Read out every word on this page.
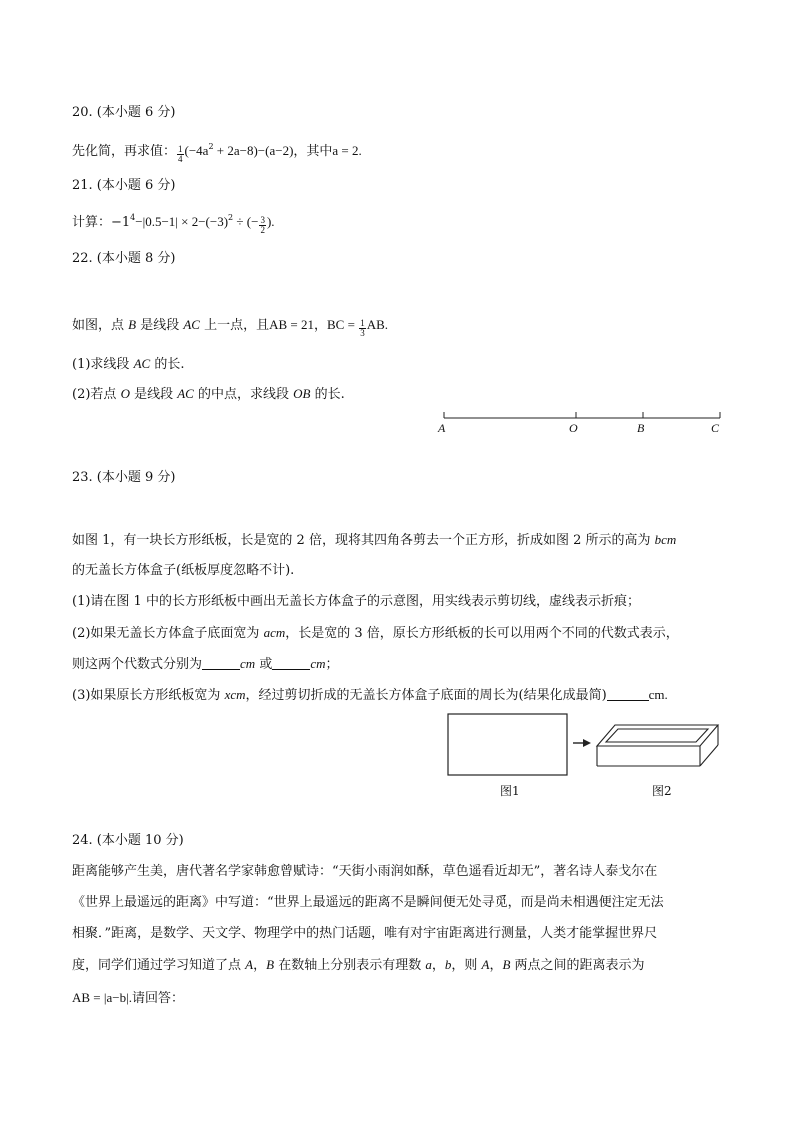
20. (本小题 6 分)
先化简，再求值： $\frac{1}{4} (-4a^2 + 2a-8)-(a-2)$，其中a = 2.
21. (本小题 6 分)
计算：$-1^4-|0.5-1| \times 2-(-3)^2$ ÷ (− $\frac{3}{2}$ ).
22. (本小题 8 分)
如图，点 B 是线段 AC 上一点，且AB = 21，BC = $\frac{1}{3}$ AB.
(1)求线段 AC 的长.
(2)若点 O 是线段 AC 的中点，求线段 OB 的长.
A	O	B	C
23. (本小题 9 分)
如图 1，有一块长方形纸板，长是宽的 2 倍，现将其四角各剪去一个正方形，折成如图 2 所示的高为 bcm
的无盖长方体盒子(纸板厚度忽略不计).
(1)请在图 1 中的长方形纸板中画出无盖长方体盒子的示意图，用实线表示剪切线，虚线表示折痕；
(2)如果无盖长方体盒子底面宽为 acm，长是宽的 3 倍，原长方形纸板的长可以用两个不同的代数式表示，
则这两个代数式分别为	cm 或	cm；
(3)如果原长方形纸板宽为 xcm，经过剪切折成的无盖长方体盒子底面的周长为(结果化成最简)	cm.
图1	图2
24. (本小题 10 分)
距离能够产生美，唐代著名学家韩愈曾赋诗：“天街小雨润如酥，草色遥看近却无”，著名诗人泰戈尔在
《世界上最遥远的距离》中写道：“世界上最遥远的距离不是瞬间便无处寻觅，而是尚未相遇便注定无法
相聚．”距离，是数学、天文学、物理学中的热门话题，唯有对宇宙距离进行测量，人类才能掌握世界尺
度，同学们通过学习知道了点 A，B 在数轴上分别表示有理数 a，b，则 A，B 两点之间的距离表示为
AB = |a−b|.请回答：
